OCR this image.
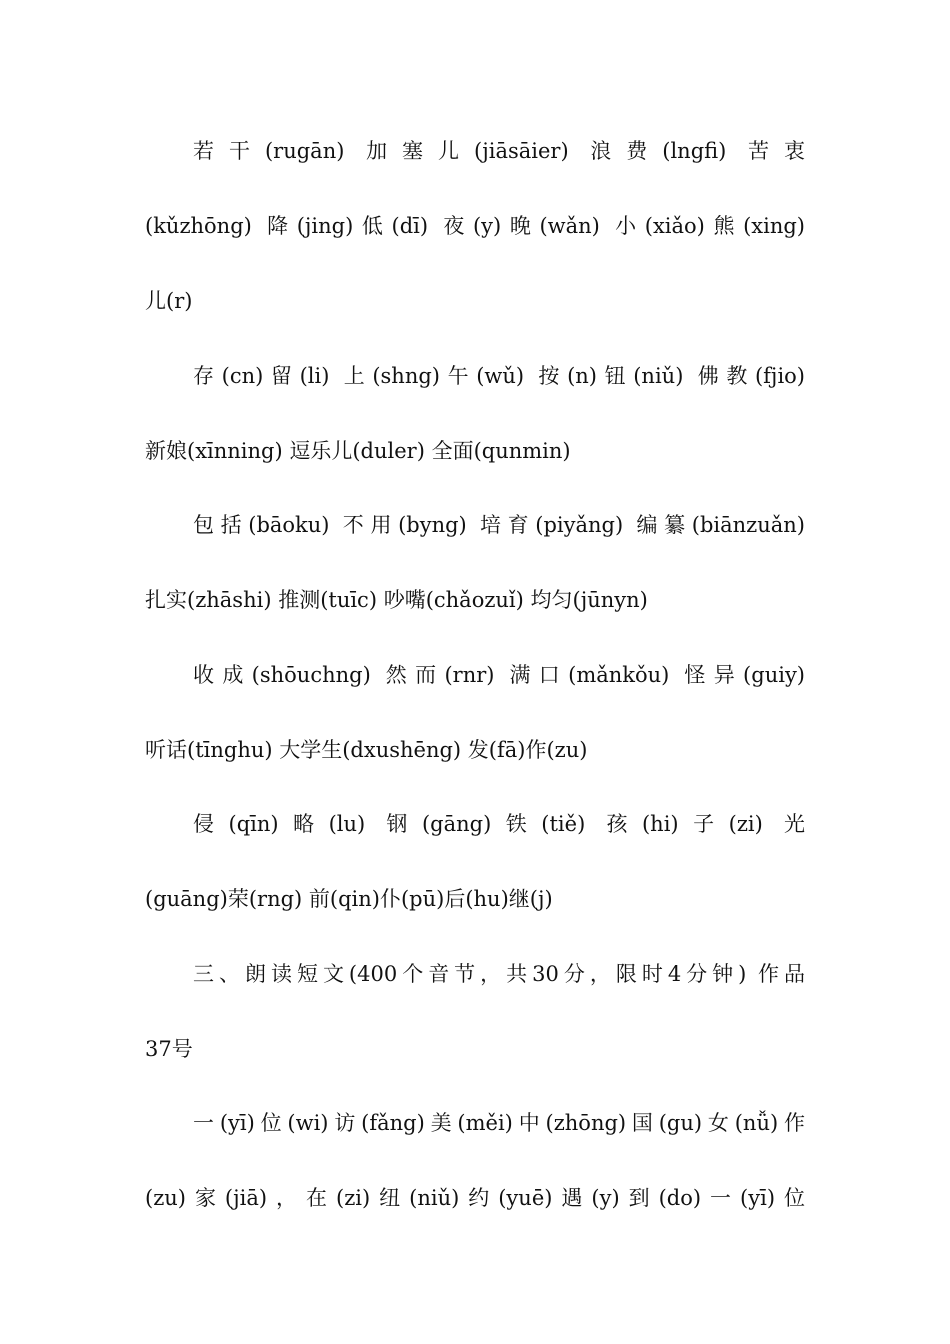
若干(rugān) 加塞儿(jiāsāier) 浪费(lngfi) 苦衷
(kǔzhōng) 降(jing)低(dī) 夜(y)晚(wǎn) 小(xiǎo)熊(xing)
儿(r)
存(cn)留(li) 上(shng)午(wǔ) 按(n)钮(niǔ) 佛教(fjio)
新娘(xīnning) 逗乐儿(duler) 全面(qunmin)
包括(bāoku) 不用(byng) 培育(piyǎng) 编纂(biānzuǎn)
扎实(zhāshi) 推测(tuīc) 吵嘴(chǎozuǐ) 均匀(jūnyn)
收成(shōuchng) 然而(rnr) 满口(mǎnkǒu) 怪异(guiy)
听话(tīnghu) 大学生(dxushēng) 发(fā)作(zu)
侵(qīn)略(lu) 钢(gāng)铁(tiě) 孩(hi)子(zi) 光
(guāng)荣(rng) 前(qin)仆(pū)后(hu)继(j)
三、朗读短文(400个音节，共30分，限时4分钟) 作品
37号
一(yī)位(wi)访(fǎng)美(měi)中(zhōng)国(gu)女(nǚ)作
(zu)家(jiā)，在(zi)纽(niǔ)约(yuē)遇(y)到(do)一(yī)位
